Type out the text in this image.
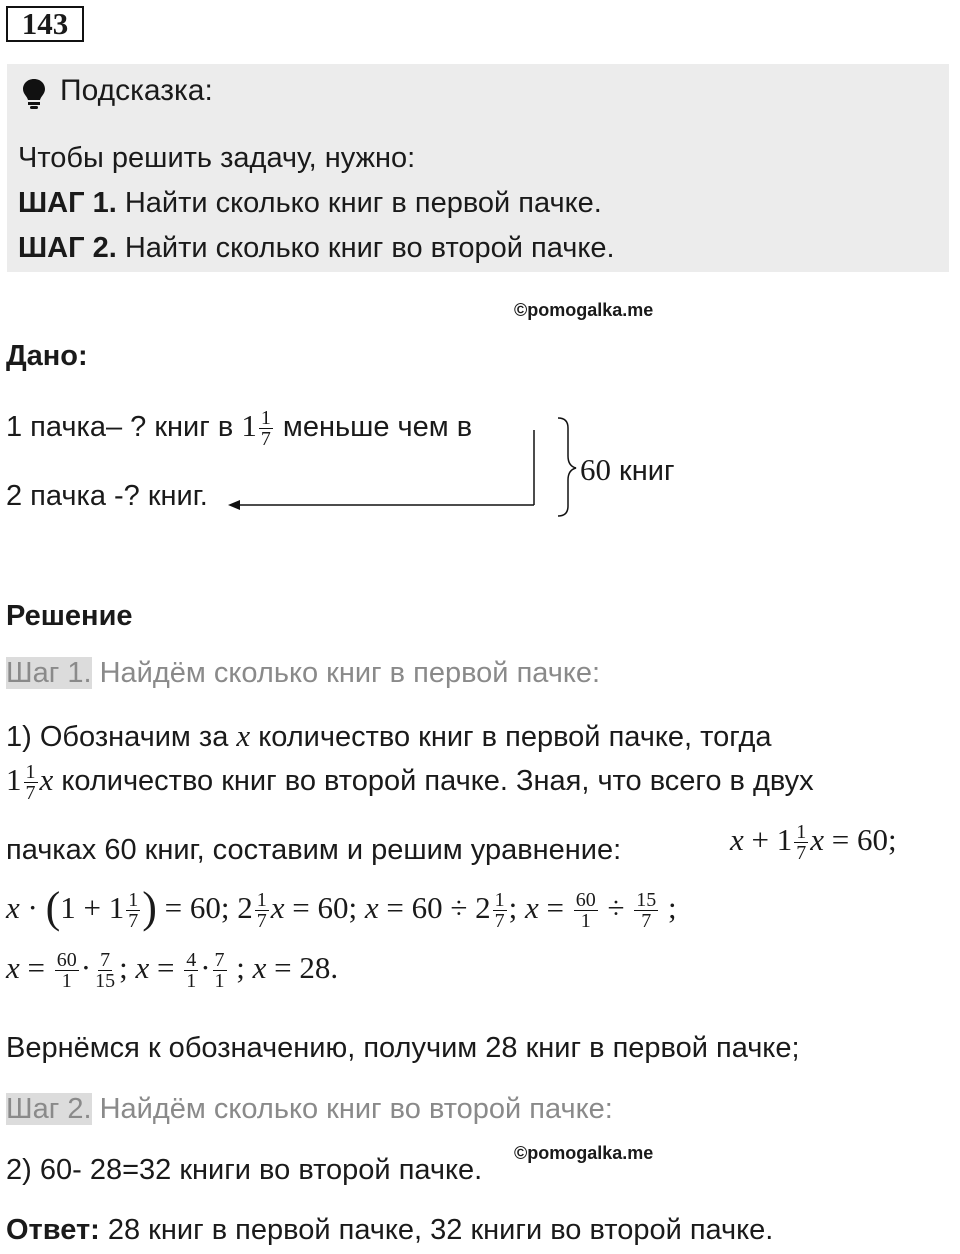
143
Подсказка:
Чтобы решить задачу, нужно:
ШАГ 1. Найти сколько книг в первой пачке.
ШАГ 2. Найти сколько книг во второй пачке.
©pomogalka.me
Дано:
1 пачка– ? книг в $1 \frac{1}{7}$ меньше чем в
2 пачка -? книг.
60 книг
Решение
Шаг 1. Найдём сколько книг в первой пачке:
1) Обозначим за x количество книг в первой пачке, тогда
$1 \frac{1}{7}$ x количество книг во второй пачке. Зная, что всего в двух
пачках 60 книг, составим и решим уравнение:	$x + 1 \frac{1}{7}$ x = 60;
$x \cdot (1 + 1 \frac{1}{7}$ ) = 60; $2 \frac{1}{7}$ x = 60; $x = 60 \div 2 \frac{1}{7}$ ; $x = \frac{60}{1} \div \frac{15}{7}$ ;
$x = \frac{60}{1} \cdot \frac{7}{15}$ ; $x = \frac{4}{1} \cdot \frac{7}{1}$ ; x = 28.
Вернёмся к обозначению, получим 28 книг в первой пачке;
Шаг 2. Найдём сколько книг во второй пачке:
©pomogalka.me
2) 60- 28=32 книги во второй пачке.
Ответ: 28 книг в первой пачке, 32 книги во второй пачке.
